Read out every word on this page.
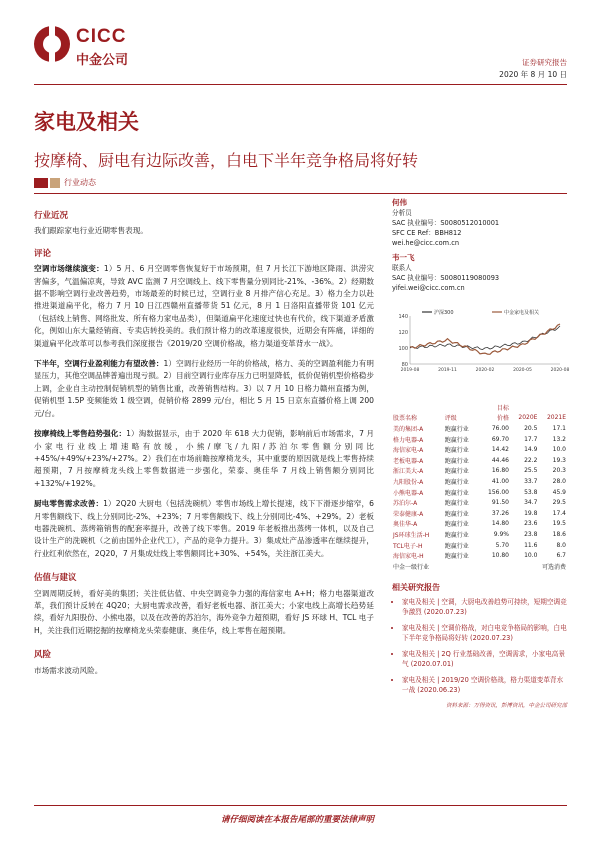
CICC
中金公司	证券研究报告
2020 年 8 月 10 日
家电及相关
按摩椅、厨电有边际改善，白电下半年竞争格局将好转
行业动态

行业近况

我们跟踪家电行业近期零售表现。

评论

空调市场继续演变：1）5 月、6 月空调零售恢复好于市场预期，但 7 月长江下游地区降雨、洪涝灾害偏多，气温偏凉爽，导致 AVC 监测 7 月空调线上、线下零售量分别同比-21%、-36%。2）经期数据不影响空调行业改善趋势，市场最差的时候已过，空调行业 8 月排产信心充足。3）格力全力以赴推进渠道扁平化，格力 7 月 10 日江西赣州直播带货 51 亿元，8 月 1 日洛阳直播带货 101 亿元（包括线上销售、网络批发、所有格力家电品类），但渠道扁平化速度过快也有代价，线下渠道矛盾激化，例如山东大量经销商、专卖店转投美的。我们预计格力的改革速度很快，近期会有阵痛，详细的渠道扁平化改革可以参考我们深度报告《2019/20 空调价格战，格力渠道变革背水一战》。

下半年，空调行业盈利能力有望改善：1）空调行业经历一年的价格战，格力、美的空调盈利能力有明显压力，其他空调品牌普遍出现亏损。2）目前空调行业库存压力已明显降低，低价促销机型价格稳步上调，企业自主动控制促销机型的销售比重，改善销售结构。3）以 7 月 10 日格力赣州直播为例，促销机型 1.5P 变频能效 1 级空调，促销价格 2899 元/台，相比 5 月 15 日京东直播价格上调 200 元/台。

按摩椅线上零售趋势强化：1）淘数据显示，由于 2020 年 618 大力促销，影响前后市场需求，7 月小家电行业线上增速略有放缓，小熊/摩飞/九阳/苏泊尔零售额分别同比+45%/+49%/+23%/+27%。2）我们在市场前瞻按摩椅龙头，其中重要的原因就是线上零售持续超预期，7 月按摩椅龙头线上零售数据进一步强化，荣泰、奥佳华 7 月线上销售额分别同比+132%/+192%。

厨电零售需求改善：1）2Q20 大厨电（包括洗碗机）零售市场线上增长提速，线下下滑逐步缩窄，6 月零售额线下、线上分别同比-2%、+23%；7 月零售额线下、线上分别同比-4%、+29%。2）老板电器洗碗机、蒸烤箱销售的配套率提升，改善了线下零售。2019 年老板推出蒸烤一体机，以及自己设计生产的洗碗机（之前由国外企业代工），产品的竞争力提升。3）集成灶产品渗透率在继续提升，行业红利依然在，2Q20，7 月集成灶线上零售额同比+30%、+54%，关注浙江美大。

估值与建议

空调周期反转，看好美的集团；关注低估值、中央空调竞争力强的海信家电 A+H；格力电器渠道改革，我们预计反转在 4Q20；大厨电需求改善，看好老板电器、浙江美大；小家电线上高增长趋势延续，看好九阳股份、小熊电器，以及在改善的苏泊尔，海外竞争力超预期，看好 JS 环球 H、TCL 电子 H，关注我们近期挖掘的按摩椅龙头荣泰健康、奥佳华，线上零售在超预期。

风险

市场需求波动风险。

何伟
分析员
SAC 执业编号：S0080512010001
SFC CE Ref：BBH812
wei.he@cicc.com.cn
韦一飞
联系人
SAC 执业编号：S0080119080093
yifei.wei@cicc.com.cn
80
100
120
140
2019-08	2019-11	2020-02	2020-05	2020-08
沪深300	中金家电及相关
		目标		
股票名称	评级	价格	2020E	2021E
美的集团-A	跑赢行业	76.00	20.5	17.1
格力电器-A	跑赢行业	69.70	17.7	13.2
海信家电-A	跑赢行业	14.42	14.9	10.0
老板电器-A	跑赢行业	44.46	22.2	19.3
浙江美大-A	跑赢行业	16.80	25.5	20.3
九阳股份-A	跑赢行业	41.00	33.7	28.0
小熊电器-A	跑赢行业	156.00	53.8	45.9
苏泊尔-A	跑赢行业	91.50	34.7	29.5
荣泰健康-A	跑赢行业	37.26	19.8	17.4
奥佳华-A	跑赢行业	14.80	23.6	19.5
JS环球生活-H	跑赢行业	9.9%	23.8	18.6
TCL电子-H	跑赢行业	5.70	11.6	8.0
海信家电-H	跑赢行业	10.80	10.0	6.7
中金一级行业		可选消费		
相关研究报告
• 家电及相关 | 空调，大厨电改善趋势可持续，短期空调竞争激烈 (2020.07.23)
• 家电及相关 | 空调价格战，对白电竞争格局的影响，白电下半年竞争格局将好转 (2020.07.23)
• 家电及相关 | 2Q 行业基础改善，空调需求，小家电高景气 (2020.07.01)
• 家电及相关 | 2019/20 空调价格战，格力渠道变革背水一战 (2020.06.23)
资料来源：万得资讯，彭博资讯，中金公司研究部
请仔细阅读在本报告尾部的重要法律声明
